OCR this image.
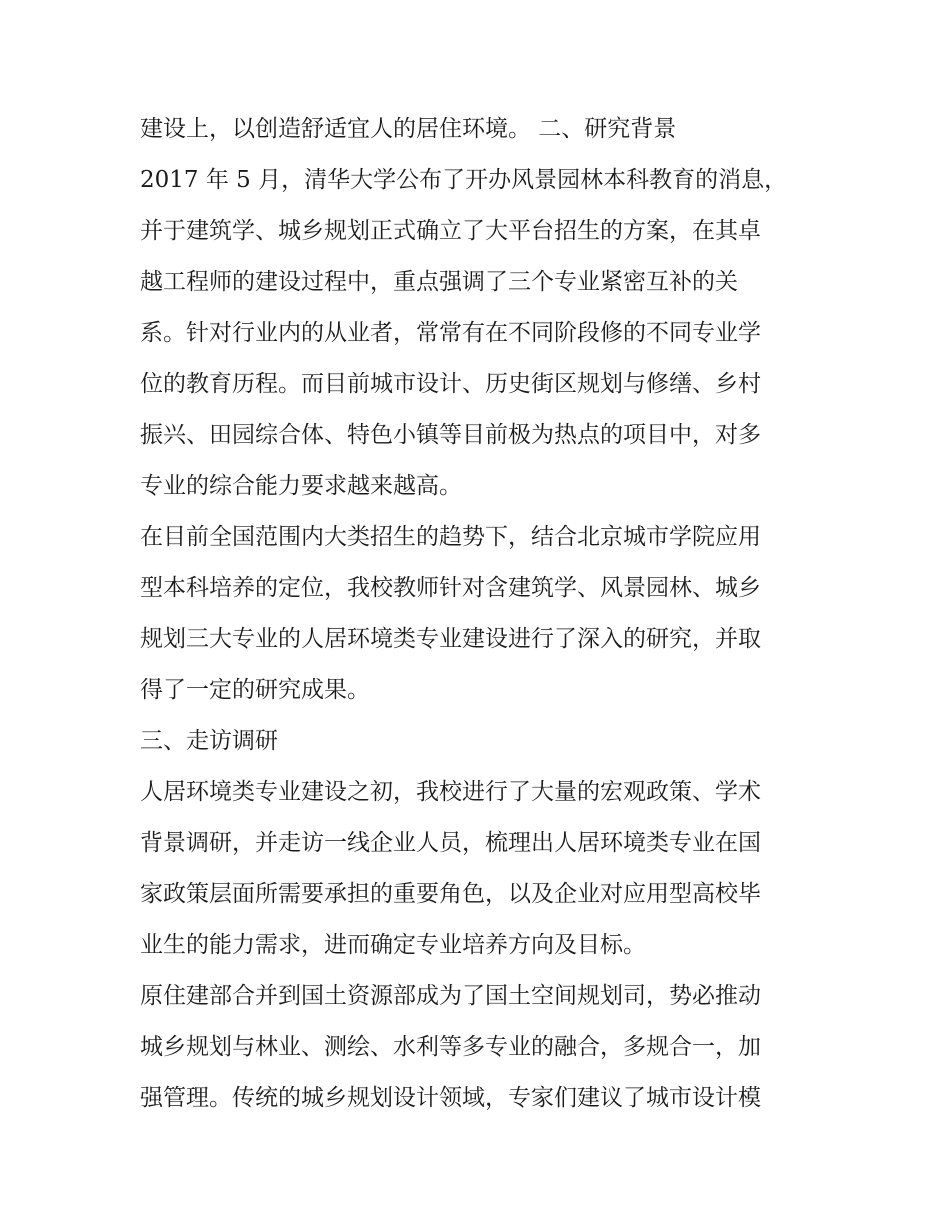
建设上，以创造舒适宜人的居住环境。 二、研究背景
2017 年 5 月，清华大学公布了开办风景园林本科教育的消息，
并于建筑学、城乡规划正式确立了大平台招生的方案，在其卓
越工程师的建设过程中，重点强调了三个专业紧密互补的关
系。针对行业内的从业者，常常有在不同阶段修的不同专业学
位的教育历程。而目前城市设计、历史街区规划与修缮、乡村
振兴、田园综合体、特色小镇等目前极为热点的项目中，对多
专业的综合能力要求越来越高。
在目前全国范围内大类招生的趋势下，结合北京城市学院应用
型本科培养的定位，我校教师针对含建筑学、风景园林、城乡
规划三大专业的人居环境类专业建设进行了深入的研究，并取
得了一定的研究成果。
三、走访调研
人居环境类专业建设之初，我校进行了大量的宏观政策、学术
背景调研，并走访一线企业人员，梳理出人居环境类专业在国
家政策层面所需要承担的重要角色，以及企业对应用型高校毕
业生的能力需求，进而确定专业培养方向及目标。
原住建部合并到国土资源部成为了国土空间规划司，势必推动
城乡规划与林业、测绘、水利等多专业的融合，多规合一，加
强管理。传统的城乡规划设计领域，专家们建议了城市设计模
